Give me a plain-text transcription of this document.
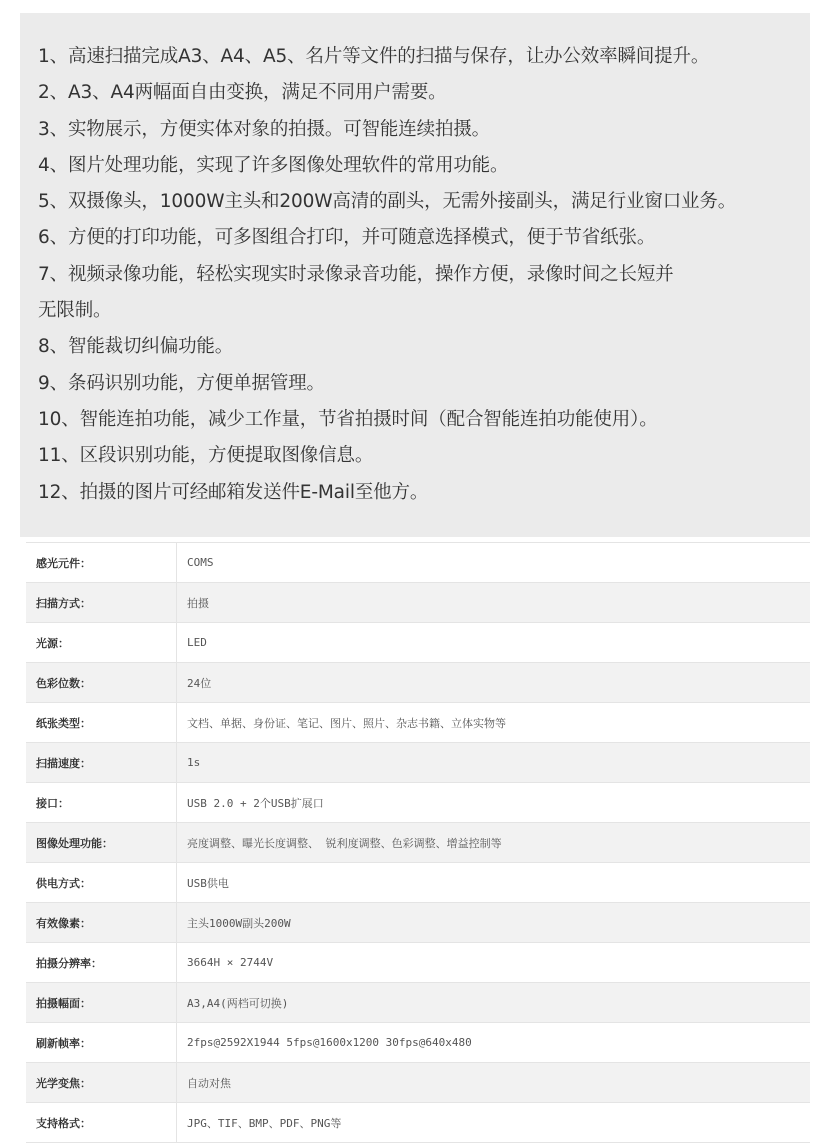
1、高速扫描完成A3、A4、A5、名片等文件的扫描与保存，让办公效率瞬间提升。
2、A3、A4两幅面自由变换，满足不同用户需要。
3、实物展示，方便实体对象的拍摄。可智能连续拍摄。
4、图片处理功能，实现了许多图像处理软件的常用功能。
5、双摄像头，1000W主头和200W高清的副头，无需外接副头，满足行业窗口业务。
6、方便的打印功能，可多图组合打印，并可随意选择模式，便于节省纸张。
7、视频录像功能，轻松实现实时录像录音功能，操作方便，录像时间之长短并
无限制。
8、智能裁切纠偏功能。
9、条码识别功能，方便单据管理。
10、智能连拍功能，减少工作量，节省拍摄时间（配合智能连拍功能使用）。
11、区段识别功能，方便提取图像信息。
12、拍摄的图片可经邮箱发送件E-Mail至他方。
感光元件：	COMS
扫描方式：	拍摄
光源：	LED
色彩位数：	24位
纸张类型：	文档、单据、身份证、笔记、图片、照片、杂志书籍、立体实物等
扫描速度：	1s
接口：	USB 2.0 + 2个USB扩展口
图像处理功能：	亮度调整、曝光长度调整、 锐利度调整、色彩调整、增益控制等
供电方式：	USB供电
有效像素：	主头1000W副头200W
拍摄分辨率：	3664H × 2744V
拍摄幅面：	A3,A4(两档可切换)
刷新帧率：	2fps@2592X1944 5fps@1600x1200 30fps@640x480
光学变焦：	自动对焦
支持格式：	JPG、TIF、BMP、PDF、PNG等
